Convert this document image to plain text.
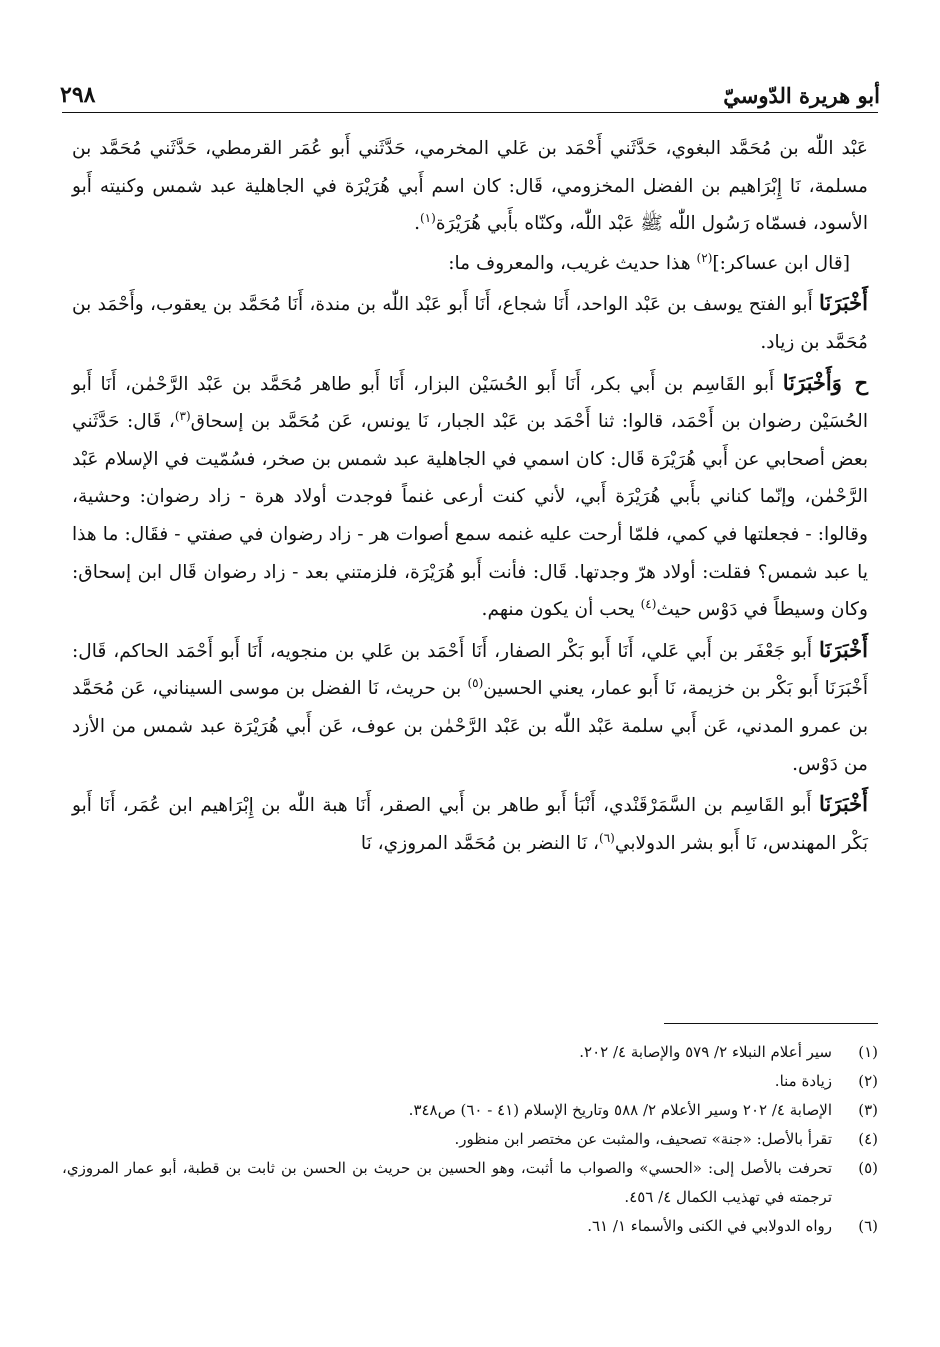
أبو هريرة الدّوسيّ
٢٩٨

عَبْد اللّٰه بن مُحَمَّد البغوي، حَدَّثَني أَحْمَد بن عَلي المخرمي، حَدَّثَني أَبو عُمَر القرمطي، حَدَّثَني مُحَمَّد بن مسلمة، نَا إِبْرَاهيم بن الفضل المخزومي، قَال: كان اسم أَبي هُرَيْرَة في الجاهلية عبد شمس وكنيته أَبو الأسود، فسمّاه رَسُول اللّٰه ﷺ عَبْد اللّٰه، وكنّاه بأَبي هُرَيْرَة$^{(١)}$.

[قال ابن عساكر:]$^{(٢)}$ هذا حديث غريب، والمعروف ما:

أَخْبَرَنَا أَبو الفتح يوسف بن عَبْد الواحد، أَنَا شجاع، أَنَا أَبو عَبْد اللّٰه بن مندة، أَنَا مُحَمَّد بن يعقوب، وأَحْمَد بن مُحَمَّد بن زياد.

ح وَأَخْبَرَنَا أَبو القَاسِم بن أَبي بكر، أَنَا أَبو الحُسَيْن البزار، أَنَا أَبو طاهر مُحَمَّد بن عَبْد الرَّحْمٰن، أَنَا أَبو الحُسَيْن رضوان بن أَحْمَد، قالوا: ثنا أَحْمَد بن عَبْد الجبار، نَا يونس، عَن مُحَمَّد بن إسحاق$^{(٣)}$، قَال: حَدَّثَني بعض أصحابي عن أَبي هُرَيْرَة قَال: كان اسمي في الجاهلية عبد شمس بن صخر، فسُمّيت في الإسلام عَبْد الرَّحْمٰن، وإنّما كناني بأَبي هُرَيْرَة أَبي، لأني كنت أرعى غنماً فوجدت أولاد هرة - زاد رضوان: وحشية، وقالوا: - فجعلتها في كمي، فلمّا أرحت عليه غنمه سمع أصوات هر - زاد رضوان في صفتي - فقَال: ما هذا يا عبد شمس؟ فقلت: أولاد هرّ وجدتها. قَال: فأنت أَبو هُرَيْرَة، فلزمتني بعد - زاد رضوان قَال ابن إسحاق: وكان وسيطاً في دَوْس حيث$^{(٤)}$ يحب أن يكون منهم.

أَخْبَرَنَا أَبو جَعْفَر بن أَبي عَلي، أَنَا أَبو بَكْر الصفار، أَنَا أَحْمَد بن عَلي بن منجويه، أَنَا أَبو أَحْمَد الحاكم، قَال: أَخْبَرَنَا أَبو بَكْر بن خزيمة، نَا أَبو عمار، يعني الحسين$^{(٥)}$ بن حريث، نَا الفضل بن موسى السيناني، عَن مُحَمَّد بن عمرو المدني، عَن أَبي سلمة عَبْد اللّٰه بن عَبْد الرَّحْمٰن بن عوف، عَن أَبي هُرَيْرَة عبد شمس من الأزد من دَوْس.

أَخْبَرَنَا أَبو القَاسِم بن السَّمَرْقَنْدي، أَنْبَأ أَبو طاهر بن أَبي الصقر، أَنَا هبة اللّٰه بن إِبْرَاهيم ابن عُمَر، أَنَا أَبو بَكْر المهندس، نَا أَبو بشر الدولابي$^{(٦)}$، نَا النضر بن مُحَمَّد المروزي، نَا

(١)
سير أعلام النبلاء ٢/ ٥٧٩ والإصابة ٤/ ٢٠٢.
(٢)
زيادة منا.
(٣)
الإصابة ٤/ ٢٠٢ وسير الأعلام ٢/ ٥٨٨ وتاريخ الإسلام (٤١ - ٦٠) ص٣٤٨.
(٤)
تقرأ بالأصل: «جنة» تصحيف، والمثبت عن مختصر ابن منظور.
(٥)
تحرفت بالأصل إلى: «الحسي» والصواب ما أثبت، وهو الحسين بن حريث بن الحسن بن ثابت بن قطبة، أبو عمار المروزي، ترجمته في تهذيب الكمال ٤/ ٤٥٦.
(٦)
رواه الدولابي في الكنى والأسماء ١/ ٦١.
